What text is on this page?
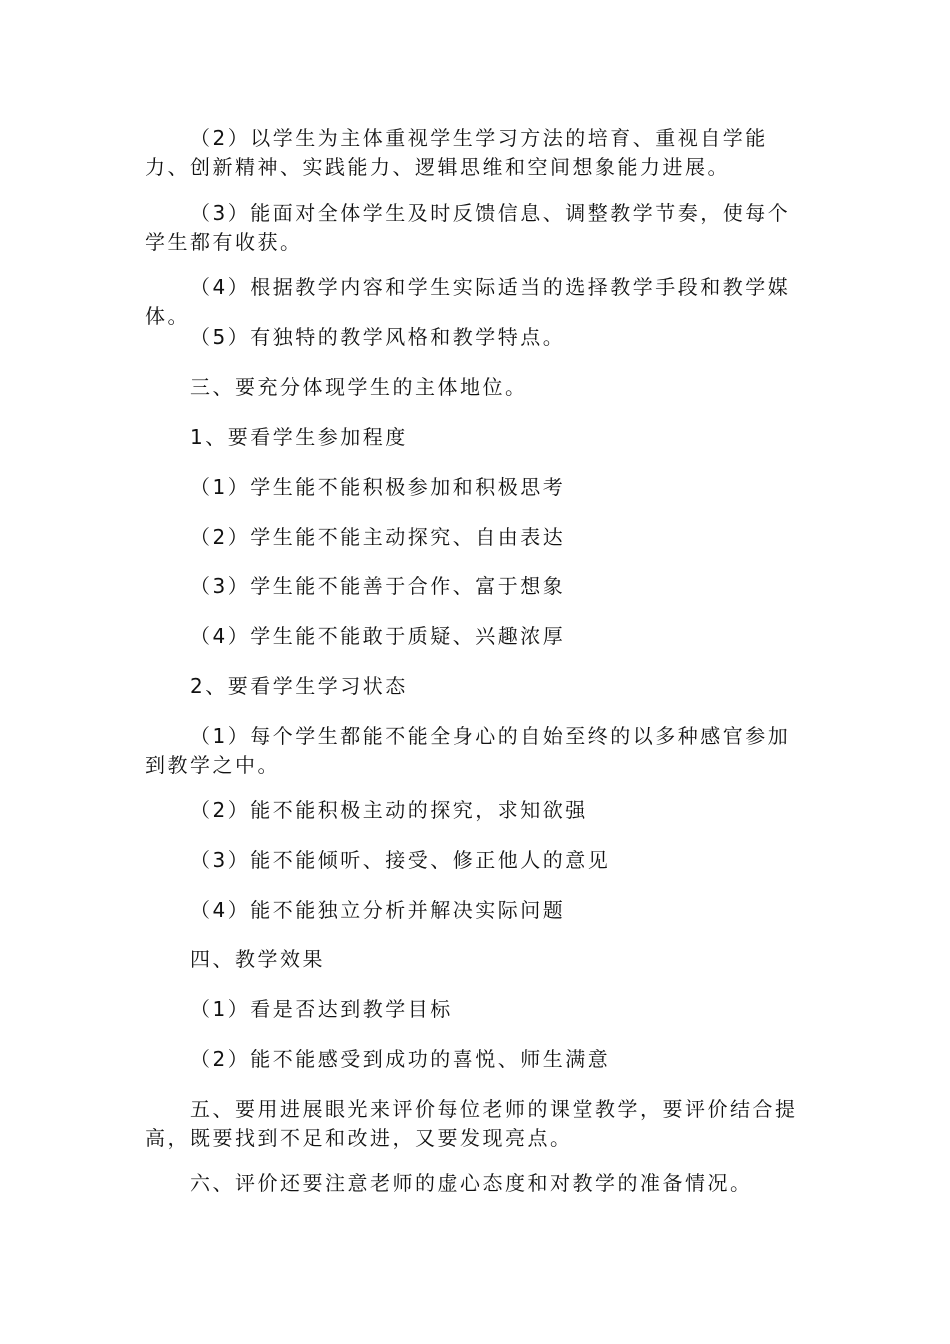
（2）以学生为主体重视学生学习方法的培育、重视自学能力、创新精神、实践能力、逻辑思维和空间想象能力进展。

（3）能面对全体学生及时反馈信息、调整教学节奏，使每个学生都有收获。

（4）根据教学内容和学生实际适当的选择教学手段和教学媒体。

（5）有独特的教学风格和教学特点。

三、要充分体现学生的主体地位。

1、要看学生参加程度

（1）学生能不能积极参加和积极思考

（2）学生能不能主动探究、自由表达

（3）学生能不能善于合作、富于想象

（4）学生能不能敢于质疑、兴趣浓厚

2、要看学生学习状态

（1）每个学生都能不能全身心的自始至终的以多种感官参加到教学之中。

（2）能不能积极主动的探究，求知欲强

（3）能不能倾听、接受、修正他人的意见

（4）能不能独立分析并解决实际问题

四、教学效果

（1）看是否达到教学目标

（2）能不能感受到成功的喜悦、师生满意

五、要用进展眼光来评价每位老师的课堂教学，要评价结合提高，既要找到不足和改进，又要发现亮点。

六、评价还要注意老师的虚心态度和对教学的准备情况。
